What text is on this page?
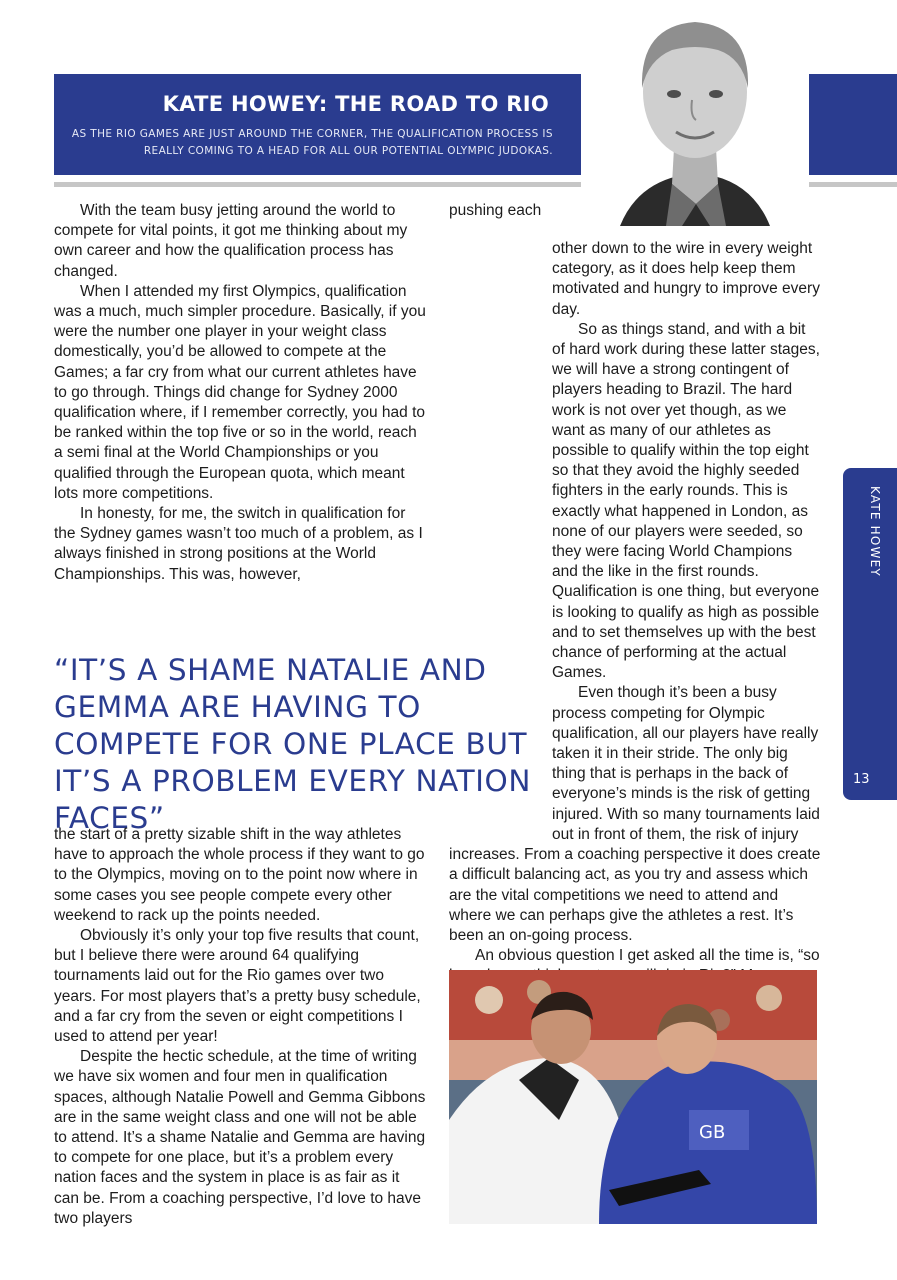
KATE HOWEY: THE ROAD TO RIO
AS THE RIO GAMES ARE JUST AROUND THE CORNER, THE QUALIFICATION PROCESS IS REALLY COMING TO A HEAD FOR ALL OUR POTENTIAL OLYMPIC JUDOKAS.

With the team busy jetting around the world to compete for vital points, it got me thinking about my own career and how the qualification process has changed.

When I attended my first Olympics, qualification was a much, much simpler procedure. Basically, if you were the number one player in your weight class domestically, you’d be allowed to compete at the Games; a far cry from what our current athletes have to go through. Things did change for Sydney 2000 qualification where, if I remember correctly, you had to be ranked within the top five or so in the world, reach a semi final at the World Championships or you qualified through the European quota, which meant lots more competitions.

In honesty, for me, the switch in qualification for the Sydney games wasn’t too much of a problem, as I always finished in strong positions at the World Championships. This was, however,

“IT’S A SHAME NATALIE AND GEMMA ARE HAVING TO COMPETE FOR ONE PLACE BUT IT’S A PROBLEM EVERY NATION FACES”

the start of a pretty sizable shift in the way athletes have to approach the whole process if they want to go to the Olympics, moving on to the point now where in some cases you see people compete every other weekend to rack up the points needed.

Obviously it’s only your top five results that count, but I believe there were around 64 qualifying tournaments laid out for the Rio games over two years. For most players that’s a pretty busy schedule, and a far cry from the seven or eight competitions I used to attend per year!

Despite the hectic schedule, at the time of writing we have six women and four men in qualification spaces, although Natalie Powell and Gemma Gibbons are in the same weight class and one will not be able to attend. It’s a shame Natalie and Gemma are having to compete for one place, but it’s a problem every nation faces and the system in place is as fair as it can be. From a coaching perspective, I’d love to have two players

pushing each other down to the wire in every weight category, as it does help keep them motivated and hungry to improve every day.

So as things stand, and with a bit of hard work during these latter stages, we will have a strong contingent of players heading to Brazil. The hard work is not over yet though, as we want as many of our athletes as possible to qualify within the top eight so that they avoid the highly seeded fighters in the early rounds. This is exactly what happened in London, as none of our players were seeded, so they were facing World Champions and the like in the first rounds. Qualification is one thing, but everyone is looking to qualify as high as possible and to set themselves up with the best chance of performing at the actual Games.

Even though it’s been a busy process competing for Olympic qualification, all our players have really taken it in their stride. The only big thing that is perhaps in the back of everyone’s minds is the risk of getting injured. With so many tournaments laid out in front of them, the risk of injury increases. From a coaching perspective it does create a difficult balancing act, as you try and assess which are the vital competitions we need to attend and where we can perhaps give the athletes a rest. It’s been an on-going process.

An obvious question I get asked all the time is, “so

GB
KATE HOWEY
13
